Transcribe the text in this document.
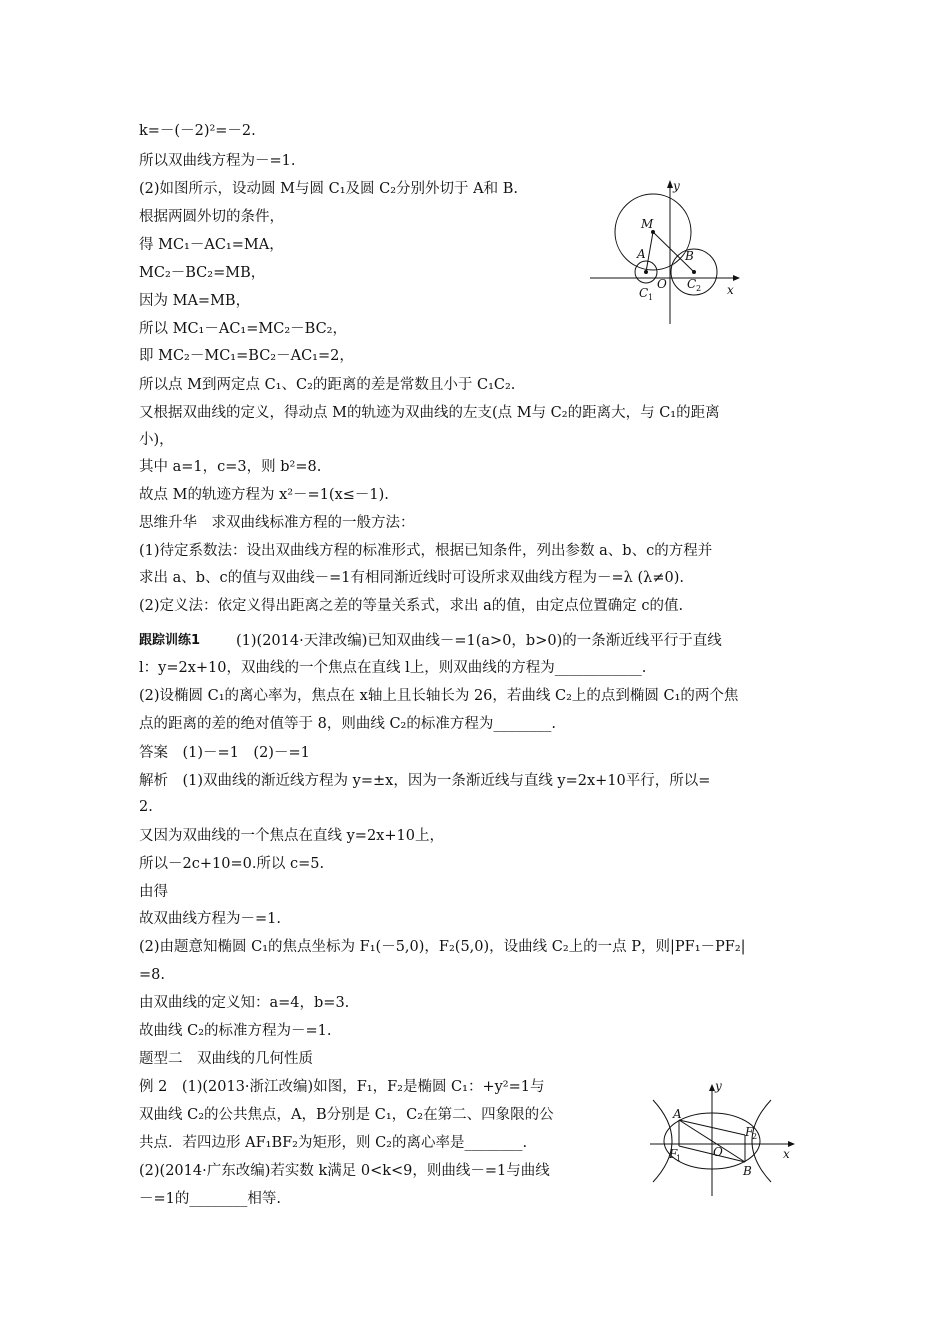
k=－(－2)²=－2.
所以双曲线方程为－=1.
(2)如图所示，设动圆 M与圆 C₁及圆 C₂分别外切于 A和 B.
根据两圆外切的条件，
得 MC₁－AC₁=MA，
MC₂－BC₂=MB，
因为 MA=MB，
所以 MC₁－AC₁=MC₂－BC₂，
即 MC₂－MC₁=BC₂－AC₁=2，
所以点 M到两定点 C₁、C₂的距离的差是常数且小于 C₁C₂.
又根据双曲线的定义，得动点 M的轨迹为双曲线的左支(点 M与 C₂的距离大，与 C₁的距离
小)，
其中 a=1，c=3，则 b²=8.
故点 M的轨迹方程为 x²－=1(x≤－1).
思维升华　求双曲线标准方程的一般方法：
(1)待定系数法：设出双曲线方程的标准形式，根据已知条件，列出参数 a、b、c的方程并
求出 a、b、c的值与双曲线－=1有相同渐近线时可设所求双曲线方程为－=λ (λ≠0).
(2)定义法：依定义得出距离之差的等量关系式，求出 a的值，由定点位置确定 c的值.
跟踪训练1 (1)(2014·天津改编)已知双曲线－=1(a>0，b>0)的一条渐近线平行于直线
l：y=2x+10，双曲线的一个焦点在直线 l上，则双曲线的方程为____________.
(2)设椭圆 C₁的离心率为，焦点在 x轴上且长轴长为 26，若曲线 C₂上的点到椭圆 C₁的两个焦
点的距离的差的绝对值等于 8，则曲线 C₂的标准方程为________.
答案　(1)－=1　(2)－=1
解析　(1)双曲线的渐近线方程为 y=±x，因为一条渐近线与直线 y=2x+10平行，所以=
2.
又因为双曲线的一个焦点在直线 y=2x+10上，
所以－2c+10=0.所以 c=5.
由得
故双曲线方程为－=1.
(2)由题意知椭圆 C₁的焦点坐标为 F₁(－5,0)，F₂(5,0)，设曲线 C₂上的一点 P，则|PF₁－PF₂|
=8.
由双曲线的定义知：a=4，b=3.
故曲线 C₂的标准方程为－=1.
题型二　双曲线的几何性质
例 2　(1)(2013·浙江改编)如图，F₁，F₂是椭圆 C₁：+y²=1与
双曲线 C₂的公共焦点，A，B分别是 C₁，C₂在第二、四象限的公
共点．若四边形 AF₁BF₂为矩形，则 C₂的离心率是________.
(2)(2014·广东改编)若实数 k满足 0<k<9，则曲线－=1与曲线
－=1的________相等.
y
x
M
A	B
O
C 1
C 2
y
x
A
B
O
F
1
F
2
